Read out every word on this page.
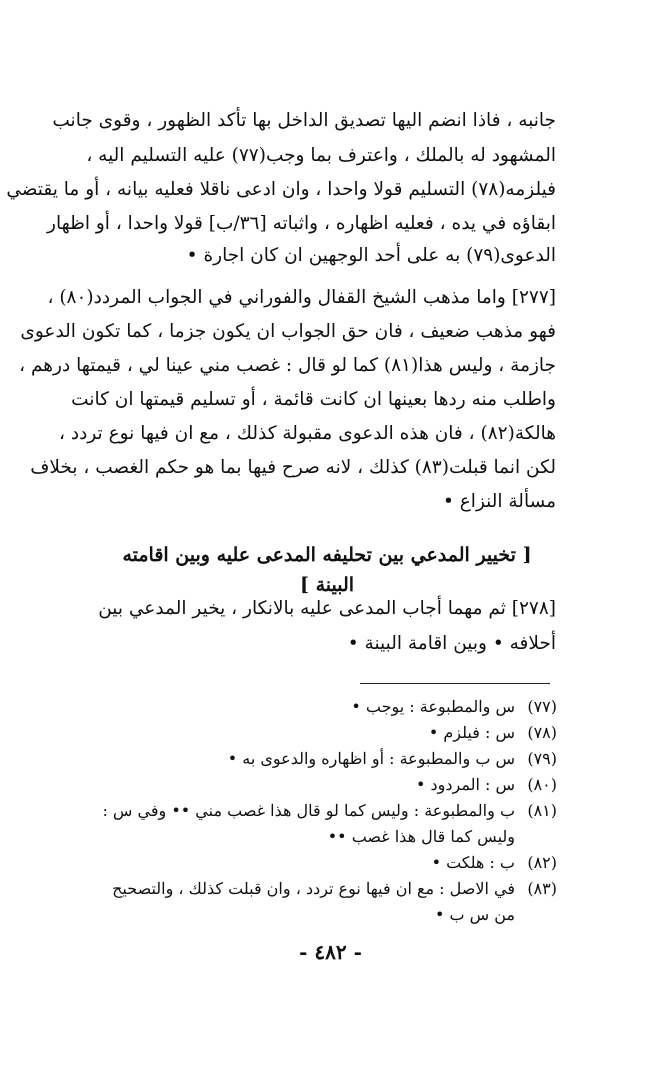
جانبه ، فاذا انضم اليها تصديق الداخل بها تأكد الظهور ، وقوى جانب
المشهود له بالملك ، واعترف بما وجب(٧٧) عليه التسليم اليه ،
فيلزمه(٧٨) التسليم قولا واحدا ، وان ادعى ناقلا فعليه بيانه ، أو ما يقتضي
ابقاؤه في يده ، فعليه اظهاره ، واثباته [٣٦/ب] قولا واحدا ، أو اظهار
الدعوى(٧٩) به على أحد الوجهين ان كان اجارة •
[٢٧٧] واما مذهب الشيخ القفال والفوراني في الجواب المردد(٨٠) ،
فهو مذهب ضعيف ، فان حق الجواب ان يكون جزما ، كما تكون الدعوى
جازمة ، وليس هذا(٨١) كما لو قال : غصب مني عينا لي ، قيمتها درهم ،
واطلب منه ردها بعينها ان كانت قائمة ، أو تسليم قيمتها ان كانت
هالكة(٨٢) ، فان هذه الدعوى مقبولة كذلك ، مع ان فيها نوع تردد ،
لكن انما قبلت(٨٣) كذلك ، لانه صرح فيها بما هو حكم الغصب ، بخلاف
مسألة النزاع •
[ تخيير المدعي بين تحليفه المدعى عليه وبين اقامته البينة ]
[٢٧٨] ثم مهما أجاب المدعى عليه بالانكار ، يخير المدعي بين
أحلافه • وبين اقامة البينة •
(٧٧)س والمطبوعة : يوجب •
(٧٨)س : فيلزم •
(٧٩)س ب والمطبوعة : أو اظهاره والدعوى به •
(٨٠)س : المردود •
(٨١)ب والمطبوعة : وليس كما لو قال هذا غصب مني •• وفي س :
وليس كما قال هذا غصب ••
(٨٢)ب : هلكت •
(٨٣)في الاصل : مع ان فيها نوع تردد ، وان قبلت كذلك ، والتصحيح
من س ب •
- ٤٨٢ -
